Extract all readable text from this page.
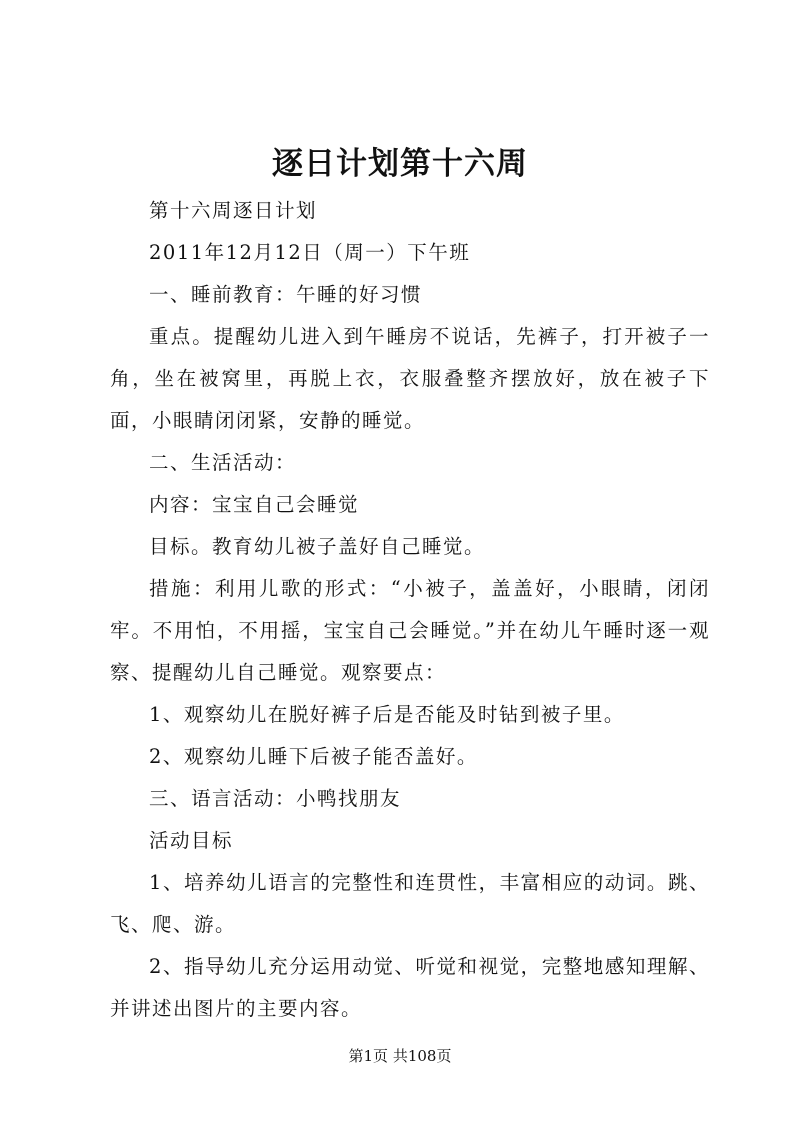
逐日计划第十六周

第十六周逐日计划

2011年12月12日（周一）下午班

一、睡前教育：午睡的好习惯

重点。提醒幼儿进入到午睡房不说话，先裤子，打开被子一角，坐在被窝里，再脱上衣，衣服叠整齐摆放好，放在被子下面，小眼睛闭闭紧，安静的睡觉。

二、生活活动：

内容：宝宝自己会睡觉

目标。教育幼儿被子盖好自己睡觉。

措施：利用儿歌的形式：“小被子，盖盖好，小眼睛，闭闭牢。不用怕，不用摇，宝宝自己会睡觉。”并在幼儿午睡时逐一观察、提醒幼儿自己睡觉。观察要点：

1、观察幼儿在脱好裤子后是否能及时钻到被子里。

2、观察幼儿睡下后被子能否盖好。

三、语言活动：小鸭找朋友

活动目标

1、培养幼儿语言的完整性和连贯性，丰富相应的动词。跳、飞、爬、游。

2、指导幼儿充分运用动觉、听觉和视觉，完整地感知理解、并讲述出图片的主要内容。

第1页 共108页
